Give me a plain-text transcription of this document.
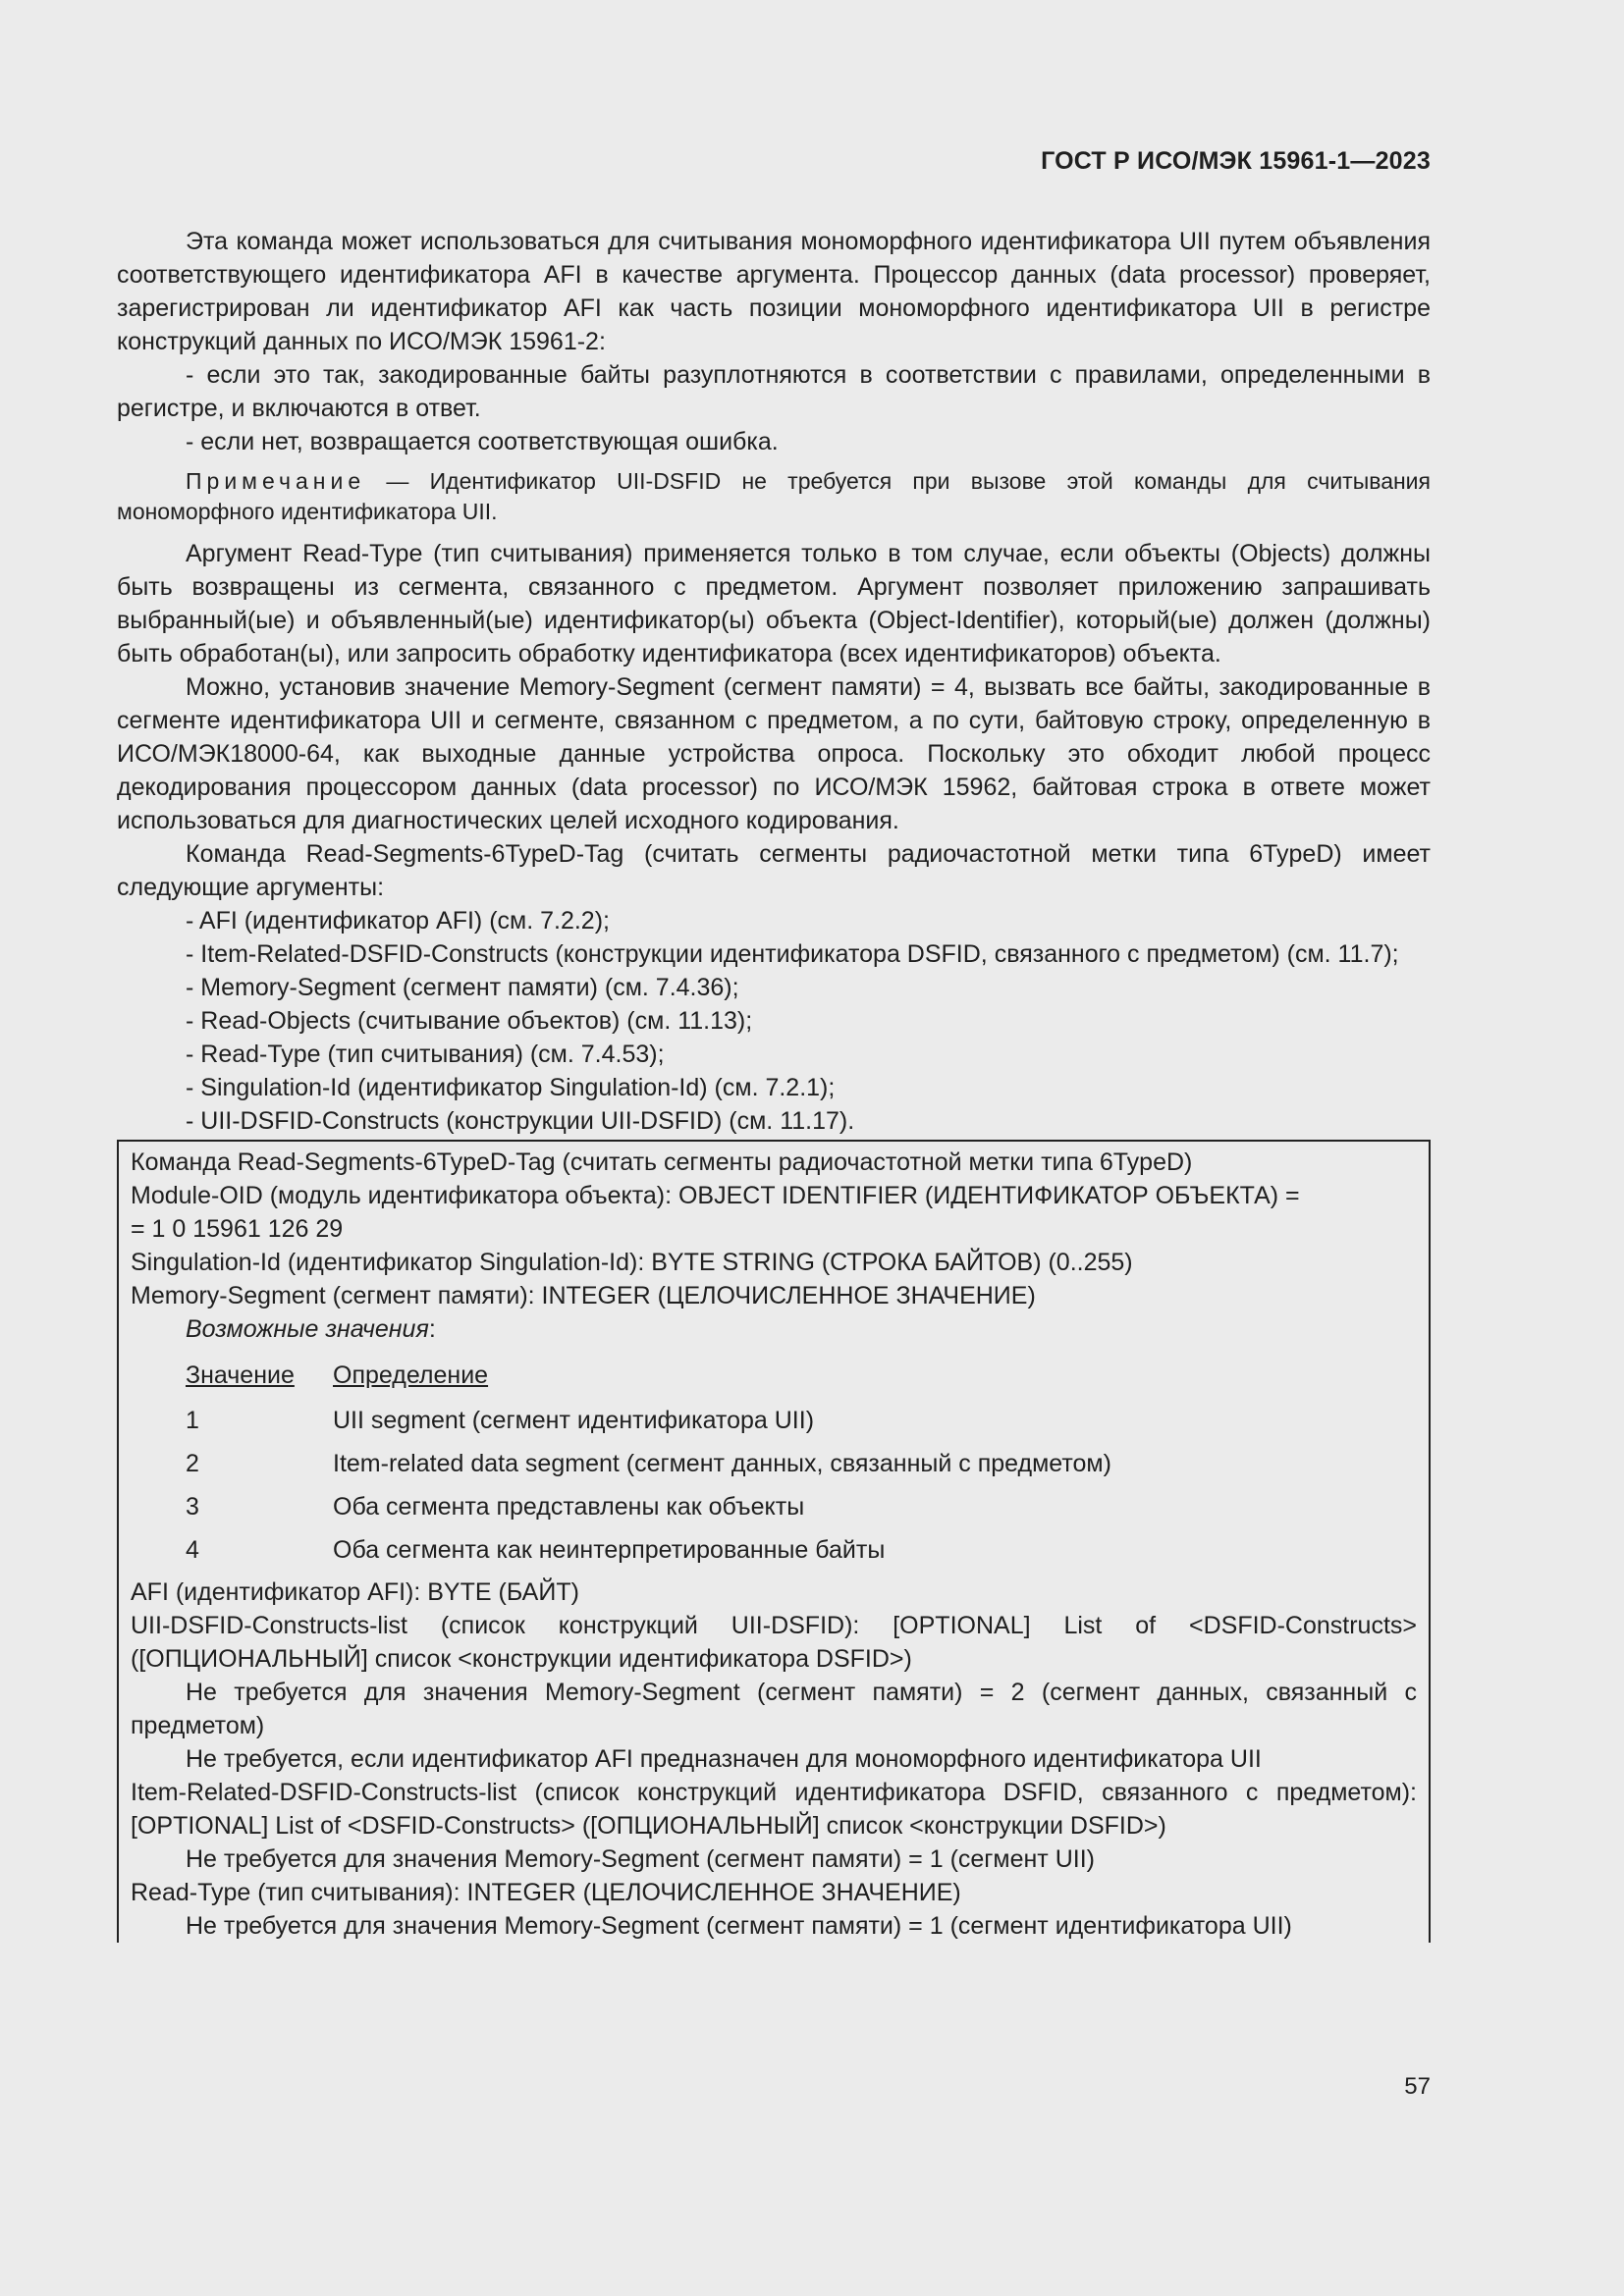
ГОСТ Р ИСО/МЭК 15961-1—2023

Эта команда может использоваться для считывания мономорфного идентификатора UII путем объявления соответствующего идентификатора AFI в качестве аргумента. Процессор данных (data processor) проверяет, зарегистрирован ли идентификатор AFI как часть позиции мономорфного идентификатора UII в регистре конструкций данных по ИСО/МЭК 15961-2:

- если это так, закодированные байты разуплотняются в соответствии с правилами, определенными в регистре, и включаются в ответ.

- если нет, возвращается соответствующая ошибка.

Примечание — Идентификатор UII-DSFID не требуется при вызове этой команды для считывания мономорфного идентификатора UII.

Аргумент Read-Type (тип считывания) применяется только в том случае, если объекты (Objects) должны быть возвращены из сегмента, связанного с предметом. Аргумент позволяет приложению запрашивать выбранный(ые) и объявленный(ые) идентификатор(ы) объекта (Object-Identifier), который(ые) должен (должны) быть обработан(ы), или запросить обработку идентификатора (всех идентификаторов) объекта.

Можно, установив значение Memory-Segment (сегмент памяти) = 4, вызвать все байты, закодированные в сегменте идентификатора UII и сегменте, связанном с предметом, а по сути, байтовую строку, определенную в ИСО/МЭК18000-64, как выходные данные устройства опроса. Поскольку это обходит любой процесс декодирования процессором данных (data processor) по ИСО/МЭК 15962, байтовая строка в ответе может использоваться для диагностических целей исходного кодирования.

Команда Read-Segments-6TypeD-Tag (считать сегменты радиочастотной метки типа 6TypeD) имеет следующие аргументы:

- AFI (идентификатор AFI) (см. 7.2.2);

- Item-Related-DSFID-Constructs (конструкции идентификатора DSFID, связанного с предметом) (см. 11.7);

- Memory-Segment (сегмент памяти) (см. 7.4.36);

- Read-Objects (считывание объектов) (см. 11.13);

- Read-Type (тип считывания) (см. 7.4.53);

- Singulation-Id (идентификатор Singulation-Id) (см. 7.2.1);

- UII-DSFID-Constructs (конструкции UII-DSFID) (см. 11.17).

Команда Read-Segments-6TypeD-Tag (считать сегменты радиочастотной метки типа 6TypeD)
Module-OID (модуль идентификатора объекта): OBJECT IDENTIFIER (ИДЕНТИФИКАТОР ОБЪЕКТА) =
= 1 0 15961 126 29
Singulation-Id (идентификатор Singulation-Id): BYTE STRING (СТРОКА БАЙТОВ) (0..255)
Memory-Segment (сегмент памяти): INTEGER (ЦЕЛОЧИСЛЕННОЕ ЗНАЧЕНИЕ)
Возможные значения:
Значение	Определение
1	UII segment (сегмент идентификатора UII)
2	Item-related data segment (сегмент данных, связанный с предметом)
3	Оба сегмента представлены как объекты
4	Оба сегмента как неинтерпретированные байты
AFI (идентификатор AFI): BYTE (БАЙТ)
UII-DSFID-Constructs-list (список конструкций UII-DSFID): [OPTIONAL] List of <DSFID-Constructs> ([ОПЦИОНАЛЬНЫЙ] список <конструкции идентификатора DSFID>)
Не требуется для значения Memory-Segment (сегмент памяти) = 2 (сегмент данных, связанный с предметом)
Не требуется, если идентификатор AFI предназначен для мономорфного идентификатора UII
Item-Related-DSFID-Constructs-list (список конструкций идентификатора DSFID, связанного с предметом): [OPTIONAL] List of <DSFID-Constructs> ([ОПЦИОНАЛЬНЫЙ] список <конструкции DSFID>)
Не требуется для значения Memory-Segment (сегмент памяти) = 1 (сегмент UII)
Read-Type (тип считывания): INTEGER (ЦЕЛОЧИСЛЕННОЕ ЗНАЧЕНИЕ)
Не требуется для значения Memory-Segment (сегмент памяти) = 1 (сегмент идентификатора UII)
57
